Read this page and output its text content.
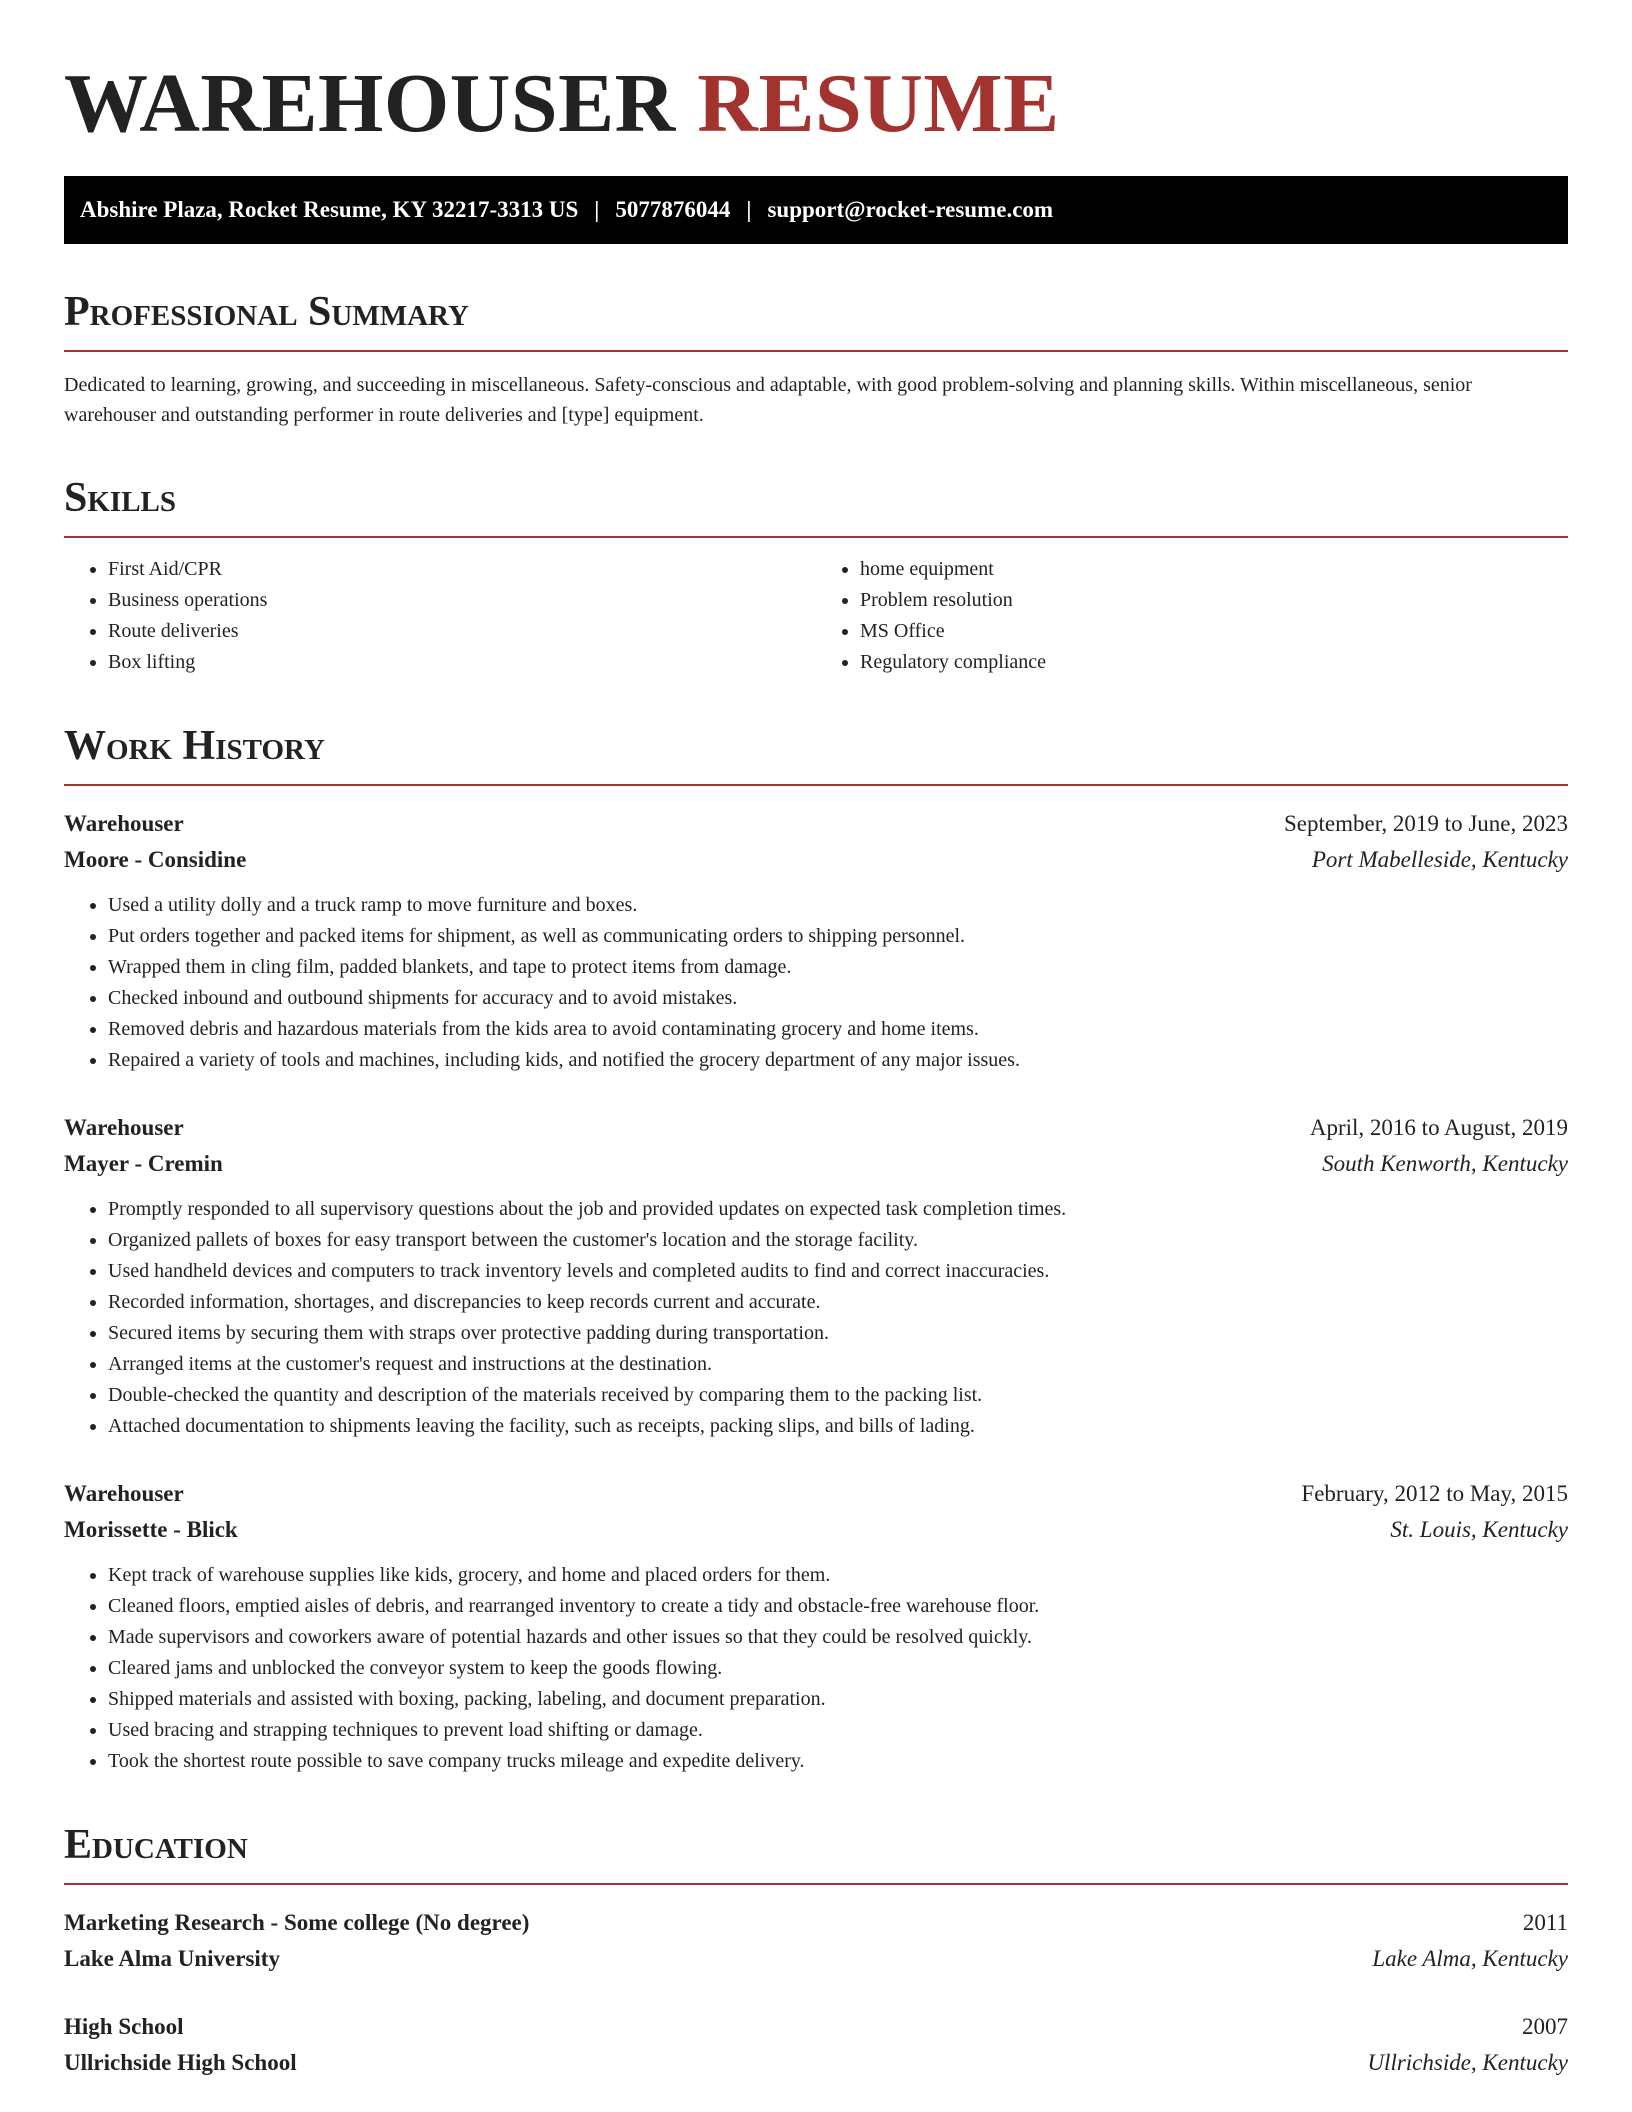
WAREHOUSER RESUME
Abshire Plaza, Rocket Resume, KY 32217-3313 US | 5077876044 | support@rocket-resume.com
Professional Summary

Dedicated to learning, growing, and succeeding in miscellaneous. Safety-conscious and adaptable, with good problem-solving and planning skills. Within miscellaneous, senior warehouser and outstanding performer in route deliveries and [type] equipment.

Skills
• First Aid/CPR
• Business operations
• Route deliveries
• Box lifting
• home equipment
• Problem resolution
• MS Office
• Regulatory compliance
Work History
Warehouser	September, 2019 to June, 2023
Moore - Considine	Port Mabelleside, Kentucky
• Used a utility dolly and a truck ramp to move furniture and boxes.
• Put orders together and packed items for shipment, as well as communicating orders to shipping personnel.
• Wrapped them in cling film, padded blankets, and tape to protect items from damage.
• Checked inbound and outbound shipments for accuracy and to avoid mistakes.
• Removed debris and hazardous materials from the kids area to avoid contaminating grocery and home items.
• Repaired a variety of tools and machines, including kids, and notified the grocery department of any major issues.
Warehouser	April, 2016 to August, 2019
Mayer - Cremin	South Kenworth, Kentucky
• Promptly responded to all supervisory questions about the job and provided updates on expected task completion times.
• Organized pallets of boxes for easy transport between the customer's location and the storage facility.
• Used handheld devices and computers to track inventory levels and completed audits to find and correct inaccuracies.
• Recorded information, shortages, and discrepancies to keep records current and accurate.
• Secured items by securing them with straps over protective padding during transportation.
• Arranged items at the customer's request and instructions at the destination.
• Double-checked the quantity and description of the materials received by comparing them to the packing list.
• Attached documentation to shipments leaving the facility, such as receipts, packing slips, and bills of lading.
Warehouser	February, 2012 to May, 2015
Morissette - Blick	St. Louis, Kentucky
• Kept track of warehouse supplies like kids, grocery, and home and placed orders for them.
• Cleaned floors, emptied aisles of debris, and rearranged inventory to create a tidy and obstacle-free warehouse floor.
• Made supervisors and coworkers aware of potential hazards and other issues so that they could be resolved quickly.
• Cleared jams and unblocked the conveyor system to keep the goods flowing.
• Shipped materials and assisted with boxing, packing, labeling, and document preparation.
• Used bracing and strapping techniques to prevent load shifting or damage.
• Took the shortest route possible to save company trucks mileage and expedite delivery.
Education
Marketing Research - Some college (No degree)	2011
Lake Alma University	Lake Alma, Kentucky
High School	2007
Ullrichside High School	Ullrichside, Kentucky
